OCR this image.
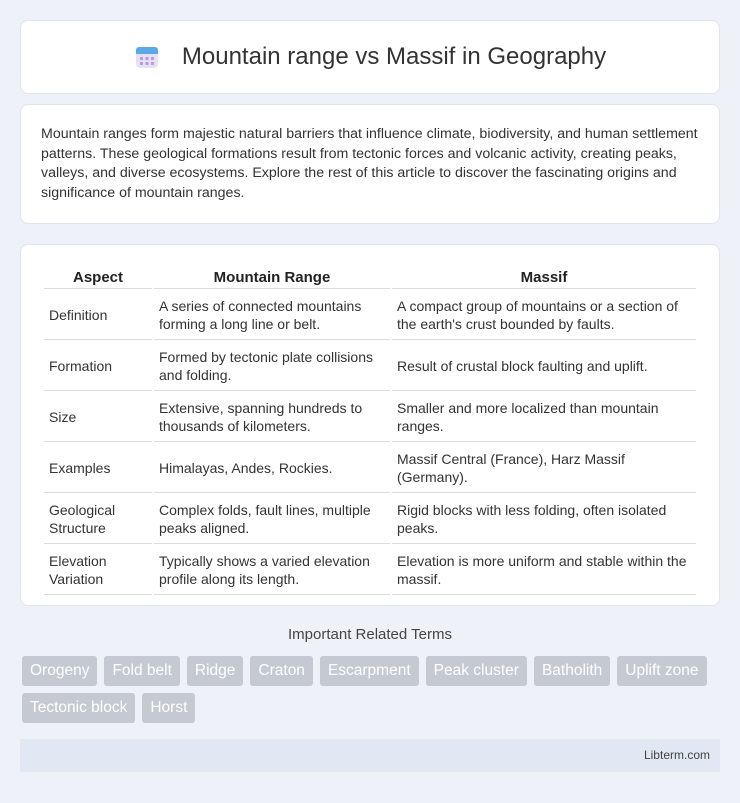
Mountain range vs Massif in Geography

Mountain ranges form majestic natural barriers that influence climate, biodiversity, and human settlement patterns. These geological formations result from tectonic forces and volcanic activity, creating peaks, valleys, and diverse ecosystems. Explore the rest of this article to discover the fascinating origins and significance of mountain ranges.

Aspect	Mountain Range	Massif
Definition	A series of connected mountains forming a long line or belt.	A compact group of mountains or a section of the earth's crust bounded by faults.
Formation	Formed by tectonic plate collisions and folding.	Result of crustal block faulting and uplift.
Size	Extensive, spanning hundreds to thousands of kilometers.	Smaller and more localized than mountain ranges.
Examples	Himalayas, Andes, Rockies.	Massif Central (France), Harz Massif (Germany).
Geological Structure	Complex folds, fault lines, multiple peaks aligned.	Rigid blocks with less folding, often isolated peaks.
Elevation Variation	Typically shows a varied elevation profile along its length.	Elevation is more uniform and stable within the massif.
Important Related Terms
Orogeny	Fold belt	Ridge	Craton	Escarpment	Peak cluster	Batholith	Uplift zone
Tectonic block	Horst
Libterm.com
